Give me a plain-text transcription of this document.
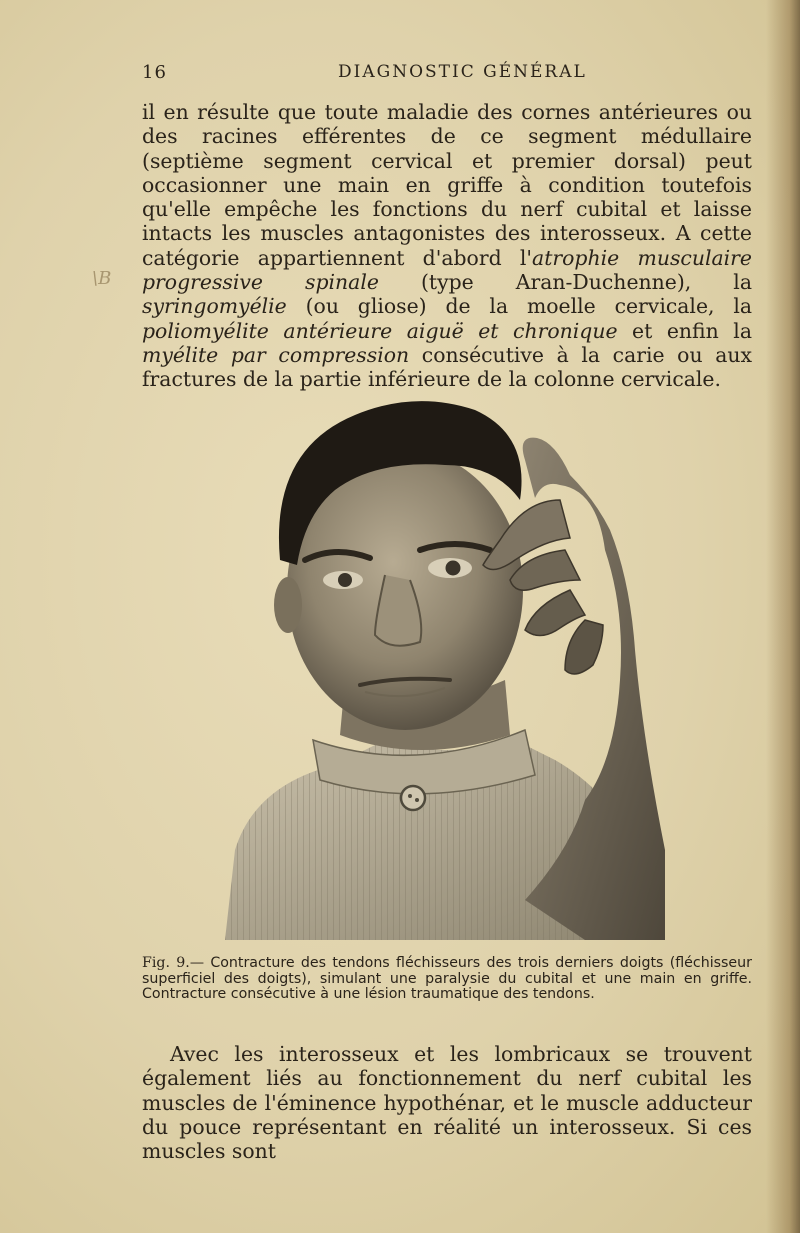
16	DIAGNOSTIC GÉNÉRAL

il en résulte que toute maladie des cornes antérieures ou des racines efférentes de ce segment médullaire (septième segment cervical et premier dorsal) peut occasionner une main en griffe à condition toutefois qu'elle empêche les fonctions du nerf cubital et laisse intacts les muscles antagonistes des interosseux. A cette catégorie appartiennent d'abord l'atrophie musculaire progressive spinale (type Aran-Duchenne), la syringomyélie (ou gliose) de la moelle cervicale, la poliomyélite antérieure aiguë et chronique et enfin la myélite par compression consécutive à la carie ou aux fractures de la partie inférieure de la colonne cervicale.

\B

Fig. 9.— Contracture des tendons fléchisseurs des trois derniers doigts (fléchisseur superficiel des doigts), simulant une paralysie du cubital et une main en griffe. Contracture consécutive à une lésion traumatique des tendons.

Avec les interosseux et les lombricaux se trouvent également liés au fonctionnement du nerf cubital les muscles de l'éminence hypothénar, et le muscle adducteur du pouce représentant en réalité un interosseux. Si ces muscles sont
